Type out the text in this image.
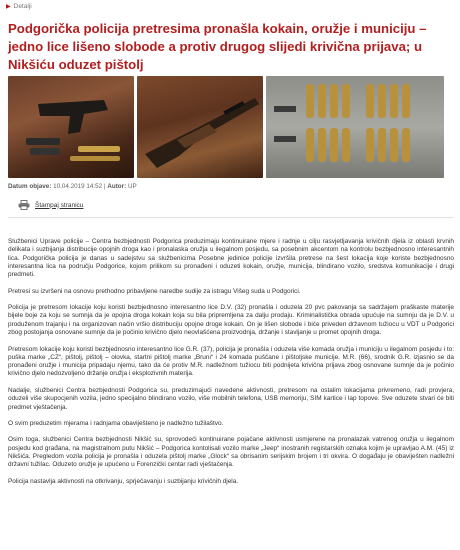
▶ Detalji
Podgorička policija pretresima pronašla kokain, oružje i municiju – jedno lice lišeno slobode a protiv drugog slijedi krivična prijava; u Nikšiću oduzet pištolj
Datum objave: 10.04.2019 14:52 | Autor: UP
Štampaj stranicu

Službenici Uprave policije – Centra bezbjednosti Podgorica preduzimaju kontinuirane mjere i radnje u cilju rasvjetljavanja krivičnih djela iz oblasti krvnih delikata i suzbijanja distribucije opojnih droga kao i pronalaska oružja u ilegalnom posjedu, sa posebnim akcentom na kontrolu bezbjednosno interesantnih lica. Podgorička policija je danas u sadejstvu sa službenicima Posebne jedinice policije izvršila pretrese na šest lokacija koje koriste bezbjednosno interesantna lica na području Podgorice, kojom prilikom su pronađeni i oduzeti kokain, oružje, municija, blindirano vozilo, sredstva komunikacije i drugi predmeti.

Pretresi su izvršeni na osnovu prethodno pribavljene naredbe sudije za istragu Višeg suda u Podgorici.

Policija je pretresom lokacije koju koristi bezbjednosno interesantno lice D.V. (32) pronašla i oduzela 20 pvc pakovanja sa sadržajem praškaste materije bijele boje za koju se sumnja da je opojna droga kokain koja su bila pripremljena za dalju prodaju. Kriminalistička obrada upućuje na sumnju da je D.V. u produženom trajanju i na organizovan način vršio distribuciju opojne droge kokain. On je lišen slobode i biće priveden državnom tužiocu u VDT u Podgorici zbog postojanja osnovane sumnje da je počinio krivično djelo neovlašćena proizvodnja, držanje i stavljanje u promet opojnih droga.

Pretresom lokacije koju koristi bezbjednosno interesantno lice G.R. (37), policija je pronašla i oduzela više komada oružja i municiju u ilegalnom posjedu i to: puška marke „CZ“, pištolj, pištolj – olovka, startni pištolj marke „Bruni“ i 24 komada puščane i pištoljske municije. M.R. (66), srodnik G.R. izjasnio se da pronađeni oružje i municija pripadaju njemu, tako da će protiv M.R. nadležnom tužiocu biti podnijeta krivična prijava zbog osnovane sumnje da je počinio krivično djelo nedozvoljeno držanje oružja i eksplozivnih materija.

Nadalje, službenici Centra bezbjednosti Podgorica su, preduzimajući navedene aktivnosti, pretresom na ostalim lokacijama privremeno, radi provjera, oduzeli više skupocjenih vozila, jedno specijalno blindirano vozilo, više mobilnih telefona, USB memoriju, SIM kartice i lap topove. Sve oduzete stvari će biti predmet vještačenja.

O svim preduzetim mjerama i radnjama obaviješteno je nadležno tužilaštvo.

Osim toga, službenici Centra bezbjednosti Nikšić su, sprovodeći kontinuirane pojačane aktivnosti usmjerene na pronalazak vatrenog oružja u ilegalnom posjedu kod građana, na magistralnom putu Nikšić – Podgorica kontolisali vozilo marke „Jeep“ inostranih registarskih oznaka kojim je upravljao A.M. (45) iz Nikšića. Pregledom vozila policija je pronašla i oduzela pištolj marke „Glock“ sa obrisanim serijskim brojem i tri okvira. O događaju je obaviješten nadležni državni tužilac. Oduzeto oružje je upućeno u Forenzički centar radi vještačenja.

Policija nastavlja aktivnosti na otkrivanju, sprječavanju i suzbijanju krivičnih djela.
